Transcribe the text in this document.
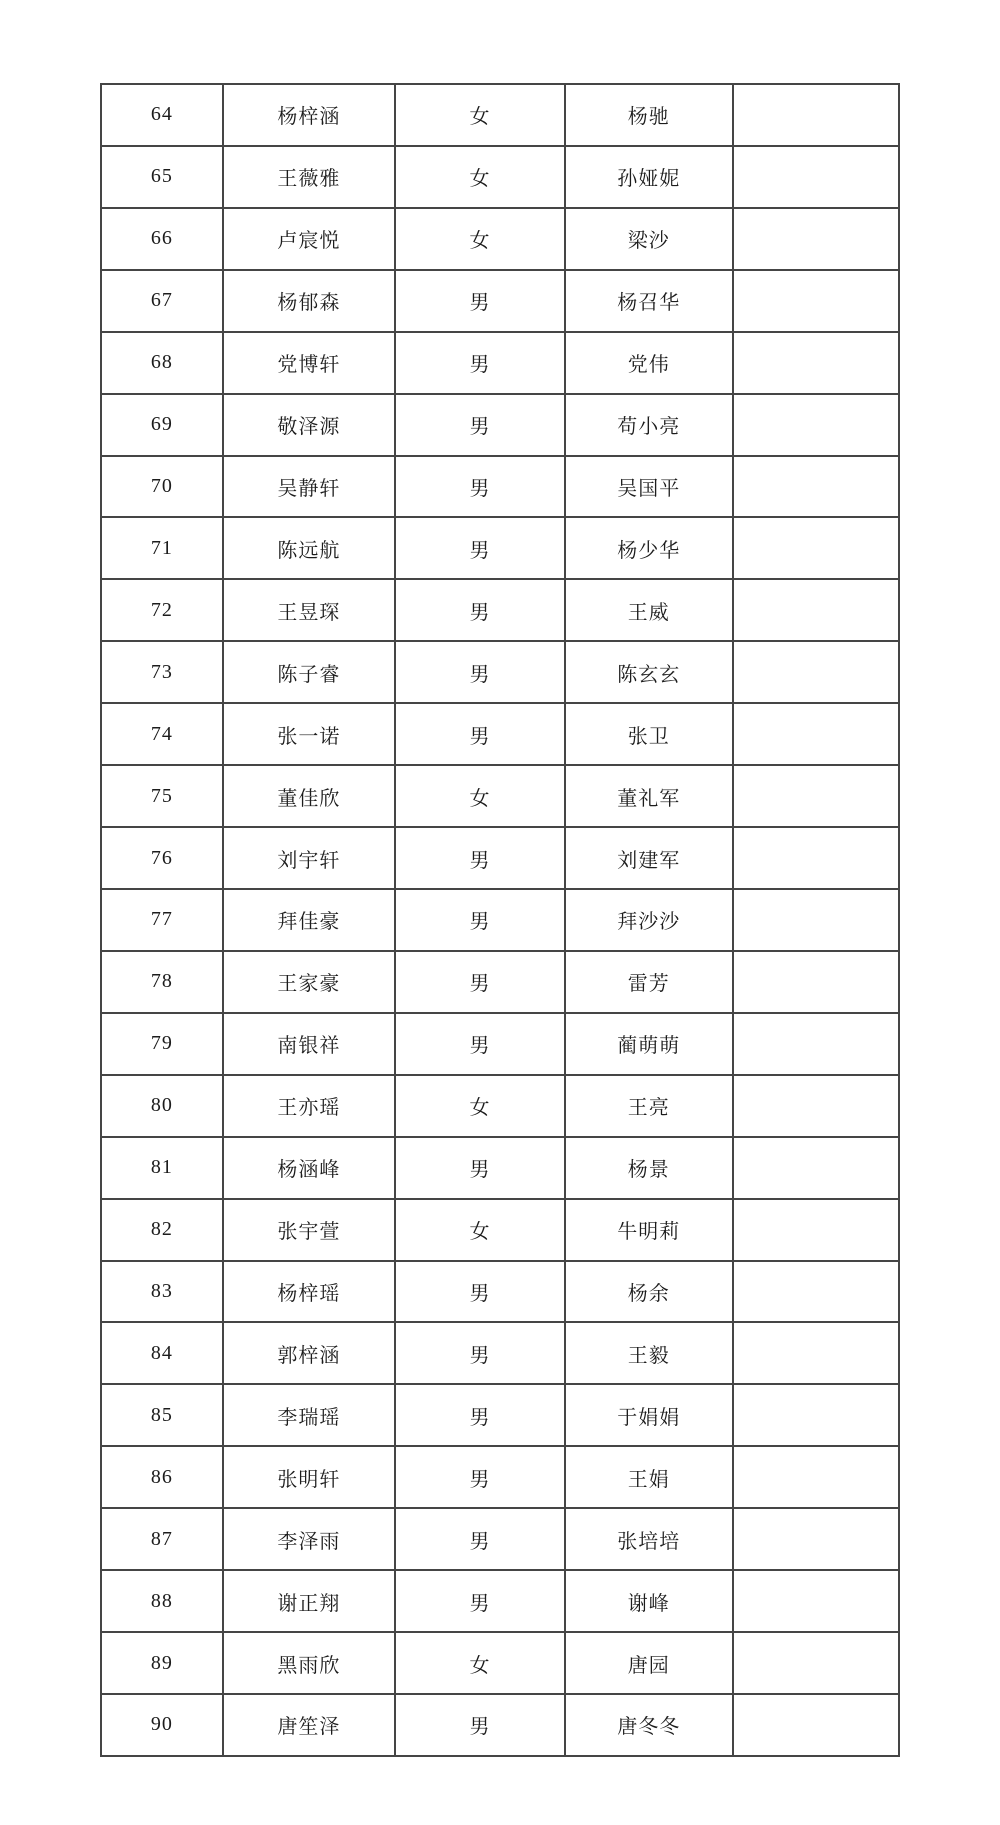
64	杨梓涵	女	杨驰	
65	王薇雅	女	孙娅妮	
66	卢宸悦	女	梁沙	
67	杨郁森	男	杨召华	
68	党博轩	男	党伟	
69	敬泽源	男	苟小亮	
70	吴静轩	男	吴国平	
71	陈远航	男	杨少华	
72	王昱琛	男	王威	
73	陈子睿	男	陈玄玄	
74	张一诺	男	张卫	
75	董佳欣	女	董礼军	
76	刘宇轩	男	刘建军	
77	拜佳豪	男	拜沙沙	
78	王家豪	男	雷芳	
79	南银祥	男	蔺萌萌	
80	王亦瑶	女	王亮	
81	杨涵峰	男	杨景	
82	张宇萱	女	牛明莉	
83	杨梓瑶	男	杨余	
84	郭梓涵	男	王毅	
85	李瑞瑶	男	于娟娟	
86	张明轩	男	王娟	
87	李泽雨	男	张培培	
88	谢正翔	男	谢峰	
89	黑雨欣	女	唐园	
90	唐笙泽	男	唐冬冬	
